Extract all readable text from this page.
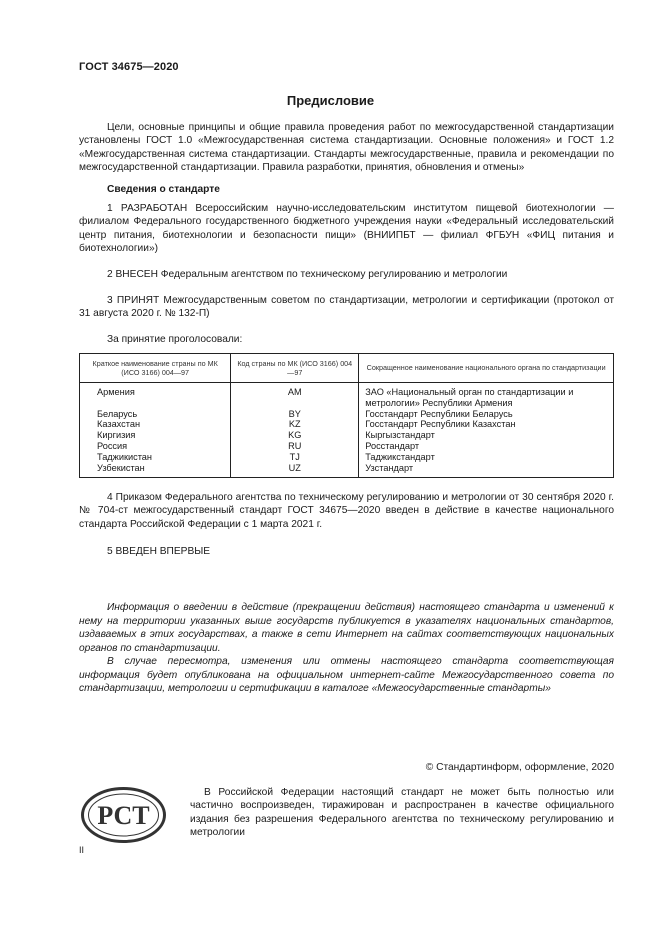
ГОСТ 34675—2020
Предисловие
Цели, основные принципы и общие правила проведения работ по межгосударственной стандартизации установлены ГОСТ 1.0 «Межгосударственная система стандартизации. Основные положения» и ГОСТ 1.2 «Межгосударственная система стандартизации. Стандарты межгосударственные, правила и рекомендации по межгосударственной стандартизации. Правила разработки, принятия, обновления и отмены»
Сведения о стандарте
1 РАЗРАБОТАН Всероссийским научно-исследовательским институтом пищевой биотехнологии — филиалом Федерального государственного бюджетного учреждения науки «Федеральный исследовательский центр питания, биотехнологии и безопасности пищи» (ВНИИПБТ — филиал ФГБУН «ФИЦ питания и биотехнологии»)
2 ВНЕСЕН Федеральным агентством по техническому регулированию и метрологии
3 ПРИНЯТ Межгосударственным советом по стандартизации, метрологии и сертификации (протокол от 31 августа 2020 г. № 132-П)
За принятие проголосовали:
Краткое наименование страны по МК (ИСО 3166) 004—97	Код страны по МК (ИСО 3166) 004—97	Сокращенное наименование национального органа по стандартизации
Армения	AM	ЗАО «Национальный орган по стандартизации и метрологии» Республики Армения
Беларусь	BY	Госстандарт Республики Беларусь
Казахстан	KZ	Госстандарт Республики Казахстан
Киргизия	KG	Кыргызстандарт
Россия	RU	Росстандарт
Таджикистан	TJ	Таджикстандарт
Узбекистан	UZ	Узстандарт
4 Приказом Федерального агентства по техническому регулированию и метрологии от 30 сентября 2020 г. № 704-ст межгосударственный стандарт ГОСТ 34675—2020 введен в действие в качестве национального стандарта Российской Федерации с 1 марта 2021 г.
5 ВВЕДЕН ВПЕРВЫЕ
Информация о введении в действие (прекращении действия) настоящего стандарта и изменений к нему на территории указанных выше государств публикуется в указателях национальных стандартов, издаваемых в этих государствах, а также в сети Интернет на сайтах соответствующих национальных органов по стандартизации.
В случае пересмотра, изменения или отмены настоящего стандарта соответствующая информация будет опубликована на официальном интернет-сайте Межгосударственного совета по стандартизации, метрологии и сертификации в каталоге «Межгосударственные стандарты»
© Стандартинформ, оформление, 2020
РСТ
В Российской Федерации настоящий стандарт не может быть полностью или частично воспроизведен, тиражирован и распространен в качестве официального издания без разрешения Федерального агентства по техническому регулированию и метрологии
II
